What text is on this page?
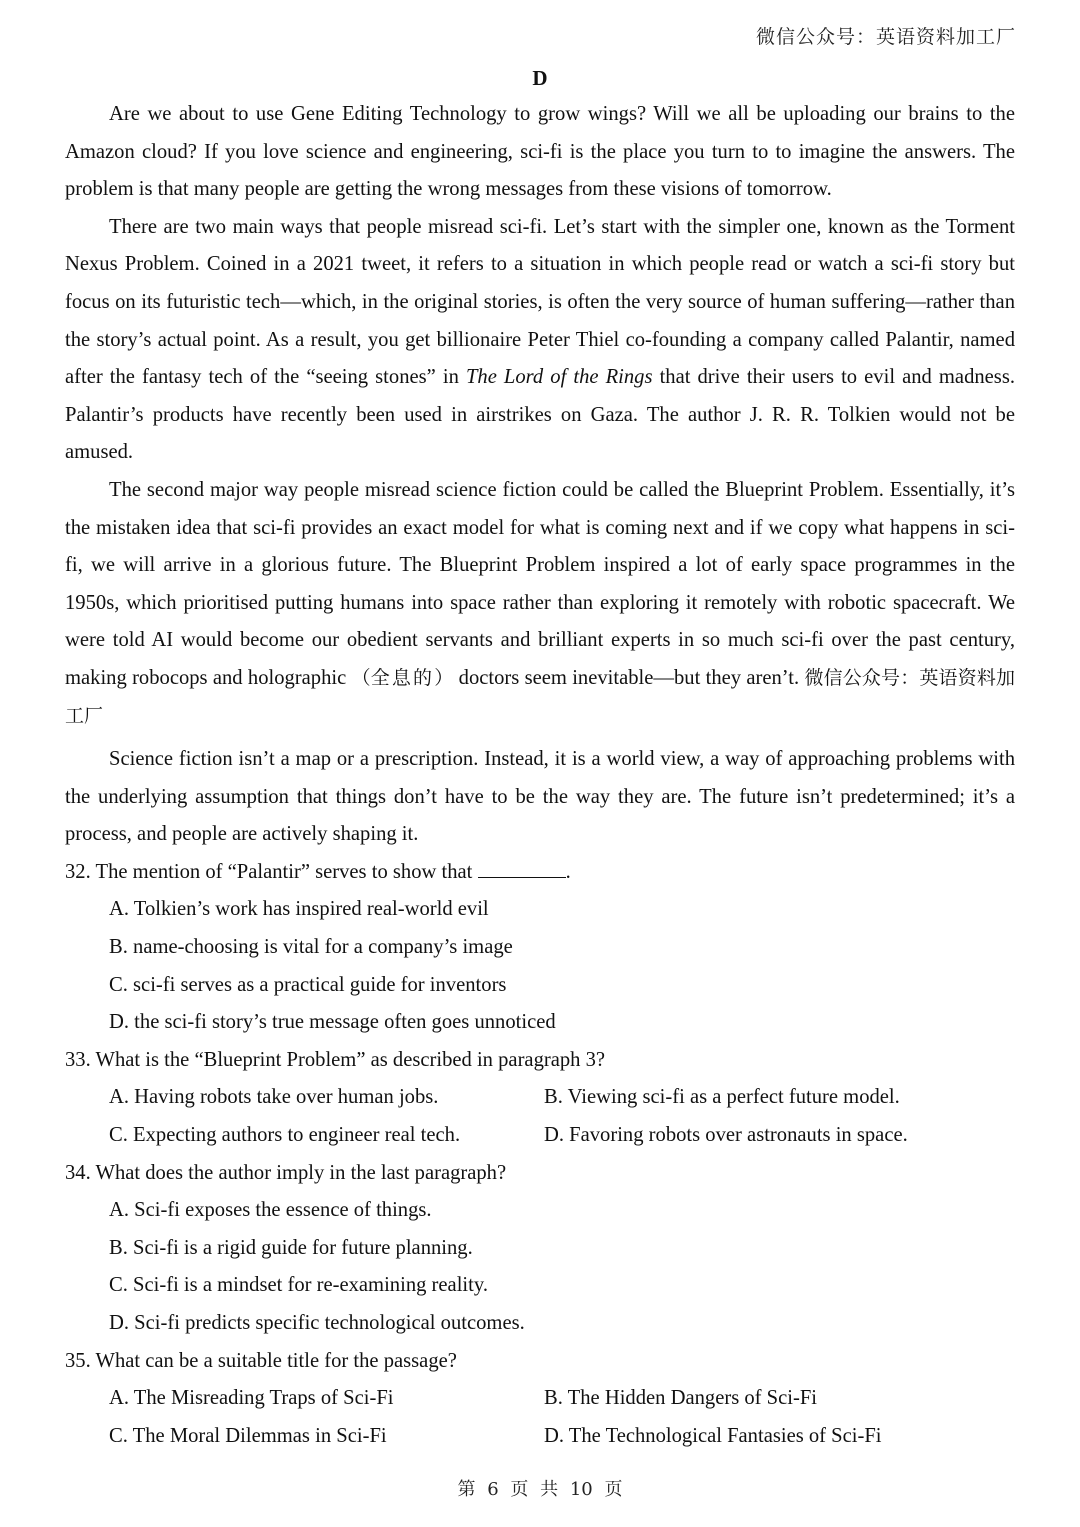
微信公众号：英语资料加工厂
D

Are we about to use Gene Editing Technology to grow wings? Will we all be uploading our brains to the Amazon cloud? If you love science and engineering, sci-fi is the place you turn to to imagine the answers. The problem is that many people are getting the wrong messages from these visions of tomorrow.

There are two main ways that people misread sci-fi. Let’s start with the simpler one, known as the Torment Nexus Problem. Coined in a 2021 tweet, it refers to a situation in which people read or watch a sci-fi story but focus on its futuristic tech—which, in the original stories, is often the very source of human suffering—rather than the story’s actual point. As a result, you get billionaire Peter Thiel co-founding a company called Palantir, named after the fantasy tech of the “seeing stones” in The Lord of the Rings that drive their users to evil and madness. Palantir’s products have recently been used in airstrikes on Gaza. The author J. R. R. Tolkien would not be amused.

The second major way people misread science fiction could be called the Blueprint Problem. Essentially, it’s the mistaken idea that sci-fi provides an exact model for what is coming next and if we copy what happens in sci-fi, we will arrive in a glorious future. The Blueprint Problem inspired a lot of early space programmes in the 1950s, which prioritised putting humans into space rather than exploring it remotely with robotic spacecraft. We were told AI would become our obedient servants and brilliant experts in so much sci-fi over the past century, making robocops and holographic （全息的） doctors seem inevitable—but they aren’t. 微信公众号：英语资料加工厂

Science fiction isn’t a map or a prescription. Instead, it is a world view, a way of approaching problems with the underlying assumption that things don’t have to be the way they are. The future isn’t predetermined; it’s a process, and people are actively shaping it.

32. The mention of “Palantir” serves to show that	.

A. Tolkien’s work has inspired real-world evil

B. name-choosing is vital for a company’s image

C. sci-fi serves as a practical guide for inventors

D. the sci-fi story’s true message often goes unnoticed

33. What is the “Blueprint Problem” as described in paragraph 3?

A. Having robots take over human jobs.	B. Viewing sci-fi as a perfect future model.
C. Expecting authors to engineer real tech.	D. Favoring robots over astronauts in space.

34. What does the author imply in the last paragraph?

A. Sci-fi exposes the essence of things.

B. Sci-fi is a rigid guide for future planning.

C. Sci-fi is a mindset for re-examining reality.

D. Sci-fi predicts specific technological outcomes.

35. What can be a suitable title for the passage?

A. The Misreading Traps of Sci-Fi	B. The Hidden Dangers of Sci-Fi
C. The Moral Dilemmas in Sci-Fi	D. The Technological Fantasies of Sci-Fi
第 6 页 共 10 页
